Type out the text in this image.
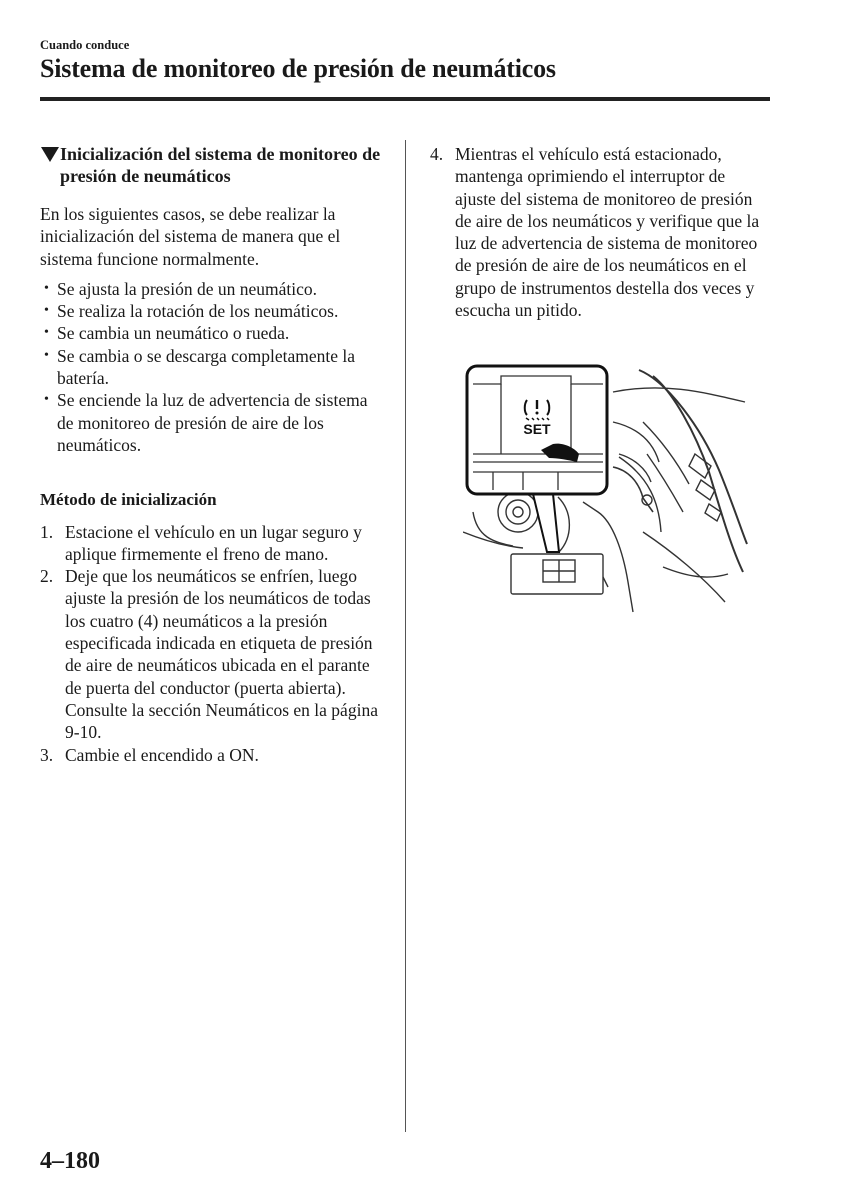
Cuando conduce
Sistema de monitoreo de presión de neumáticos
Inicialización del sistema de monitoreo de presión de neumáticos

En los siguientes casos, se debe realizar la inicialización del sistema de manera que el sistema funcione normalmente.

• Se ajusta la presión de un neumático.
• Se realiza la rotación de los neumáticos.
• Se cambia un neumático o rueda.
• Se cambia o se descarga completamente la batería.
• Se enciende la luz de advertencia de sistema de monitoreo de presión de aire de los neumáticos.

Método de inicialización

1. Estacione el vehículo en un lugar seguro y aplique firmemente el freno de mano.
2. Deje que los neumáticos se enfríen, luego ajuste la presión de los neumáticos de todas los cuatro (4) neumáticos a la presión especificada indicada en etiqueta de presión de aire de neumáticos ubicada en el parante de puerta del conductor (puerta abierta). Consulte la sección Neumáticos en la página 9-10.
3. Cambie el encendido a ON.
4. Mientras el vehículo está estacionado, mantenga oprimiendo el interruptor de ajuste del sistema de monitoreo de presión de aire de los neumáticos y verifique que la luz de advertencia de sistema de monitoreo de presión de aire de los neumáticos en el grupo de instrumentos destella dos veces y escucha un pitido.
SET
4–180
